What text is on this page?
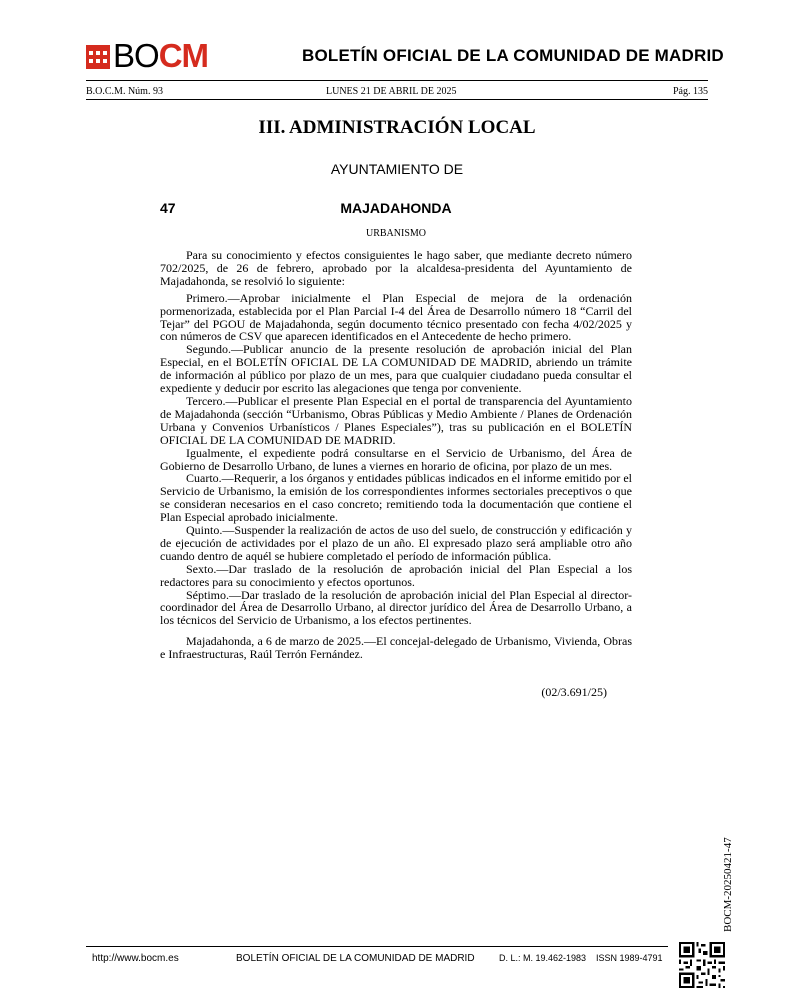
BOCM	BOLETÍN OFICIAL DE LA COMUNIDAD DE MADRID
B.O.C.M. Núm. 93	LUNES 21 DE ABRIL DE 2025	Pág. 135
III. ADMINISTRACIÓN LOCAL
AYUNTAMIENTO DE
47	MAJADAHONDA
URBANISMO

Para su conocimiento y efectos consiguientes le hago saber, que mediante decreto número 702/2025, de 26 de febrero, aprobado por la alcaldesa-presidenta del Ayuntamiento de Majadahonda, se resolvió lo siguiente:

Primero.—Aprobar inicialmente el Plan Especial de mejora de la ordenación pormenorizada, establecida por el Plan Parcial I-4 del Área de Desarrollo número 18 “Carril del Tejar” del PGOU de Majadahonda, según documento técnico presentado con fecha 4/02/2025 y con números de CSV que aparecen identificados en el Antecedente de hecho primero.

Segundo.—Publicar anuncio de la presente resolución de aprobación inicial del Plan Especial, en el BOLETÍN OFICIAL DE LA COMUNIDAD DE MADRID, abriendo un trámite de información al público por plazo de un mes, para que cualquier ciudadano pueda consultar el expediente y deducir por escrito las alegaciones que tenga por conveniente.

Tercero.—Publicar el presente Plan Especial en el portal de transparencia del Ayuntamiento de Majadahonda (sección “Urbanismo, Obras Públicas y Medio Ambiente / Planes de Ordenación Urbana y Convenios Urbanísticos / Planes Especiales”), tras su publicación en el BOLETÍN OFICIAL DE LA COMUNIDAD DE MADRID.

Igualmente, el expediente podrá consultarse en el Servicio de Urbanismo, del Área de Gobierno de Desarrollo Urbano, de lunes a viernes en horario de oficina, por plazo de un mes.

Cuarto.—Requerir, a los órganos y entidades públicas indicados en el informe emitido por el Servicio de Urbanismo, la emisión de los correspondientes informes sectoriales preceptivos o que se consideran necesarios en el caso concreto; remitiendo toda la documentación que contiene el Plan Especial aprobado inicialmente.

Quinto.—Suspender la realización de actos de uso del suelo, de construcción y edificación y de ejecución de actividades por el plazo de un año. El expresado plazo será ampliable otro año cuando dentro de aquél se hubiere completado el período de información pública.

Sexto.—Dar traslado de la resolución de aprobación inicial del Plan Especial a los redactores para su conocimiento y efectos oportunos.

Séptimo.—Dar traslado de la resolución de aprobación inicial del Plan Especial al director-coordinador del Área de Desarrollo Urbano, al director jurídico del Área de Desarrollo Urbano, a los técnicos del Servicio de Urbanismo, a los efectos pertinentes.

Majadahonda, a 6 de marzo de 2025.—El concejal-delegado de Urbanismo, Vivienda, Obras e Infraestructuras, Raúl Terrón Fernández.

(02/3.691/25)
BOCM-20250421-47
http://www.bocm.es	BOLETÍN OFICIAL DE LA COMUNIDAD DE MADRID	D. L.: M. 19.462-1983 ISSN 1989-4791
